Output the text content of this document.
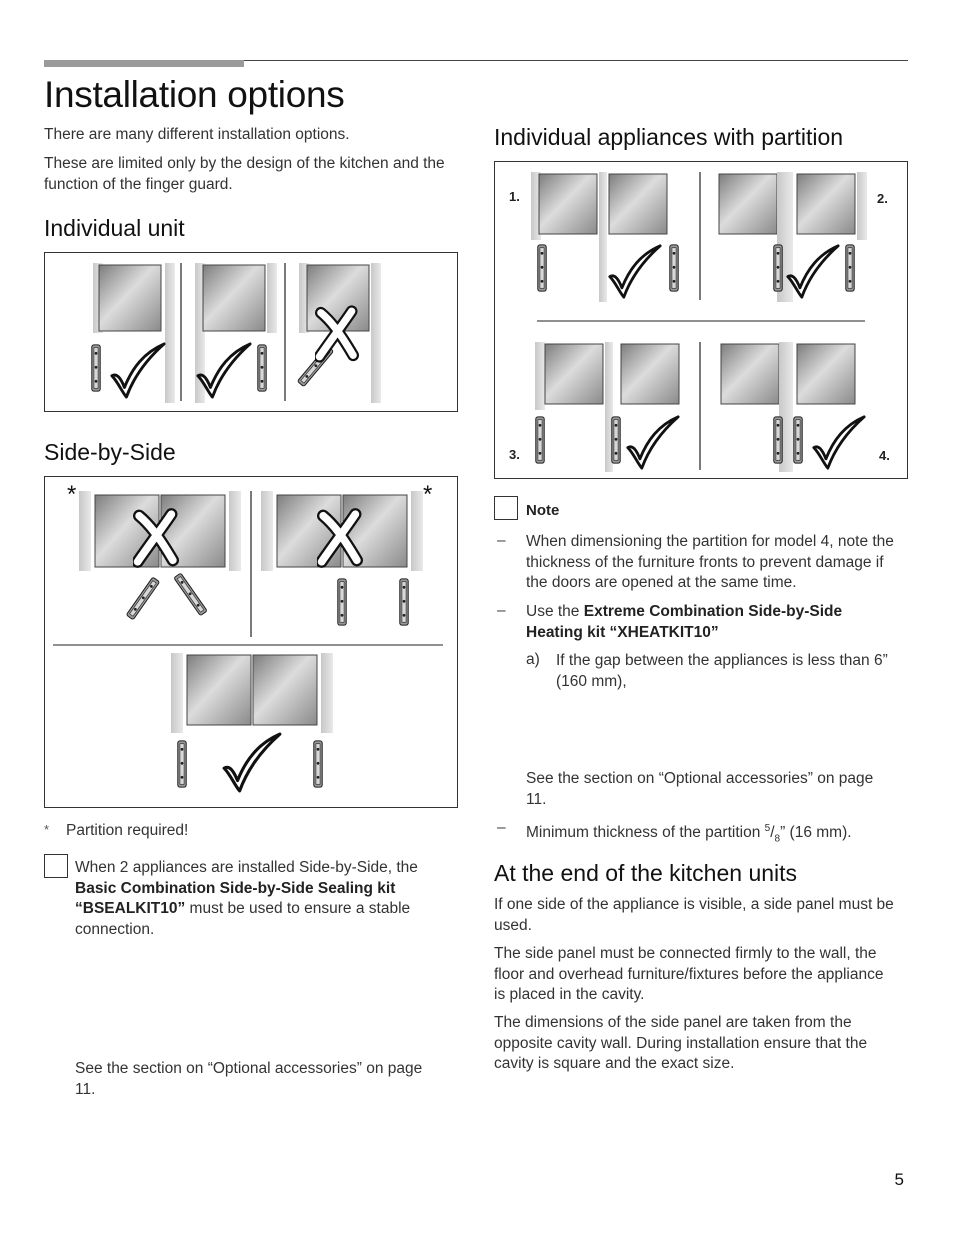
Installation options

There are many different installation options.

These are limited only by the design of the kitchen and the function of the finger guard.

Individual unit
Side-by-Side
*	*
* Partition required!

When 2 appliances are installed Side-by-Side, the Basic Combination Side-by-Side Sealing kit “BSEALKIT10” must be used to ensure a stable connection.

See the section on “Optional accessories” on page 11.

Individual appliances with partition
1.	2.
3.	4.
Note
– When dimensioning the partition for model 4, note the thickness of the furniture fronts to prevent damage if the doors are opened at the same time.

– Use the Extreme Combination Side-by-Side Heating kit “XHEATKIT10”

a) If the gap between the appliances is less than 6” (160 mm),

See the section on “Optional accessories” on page 11.

– Minimum thickness of the partition $^5/_8$” (16 mm).

At the end of the kitchen units

If one side of the appliance is visible, a side panel must be used.

The side panel must be connected firmly to the wall, the floor and overhead furniture/fixtures before the appliance is placed in the cavity.

The dimensions of the side panel are taken from the opposite cavity wall. During installation ensure that the cavity is square and the exact size.

5
